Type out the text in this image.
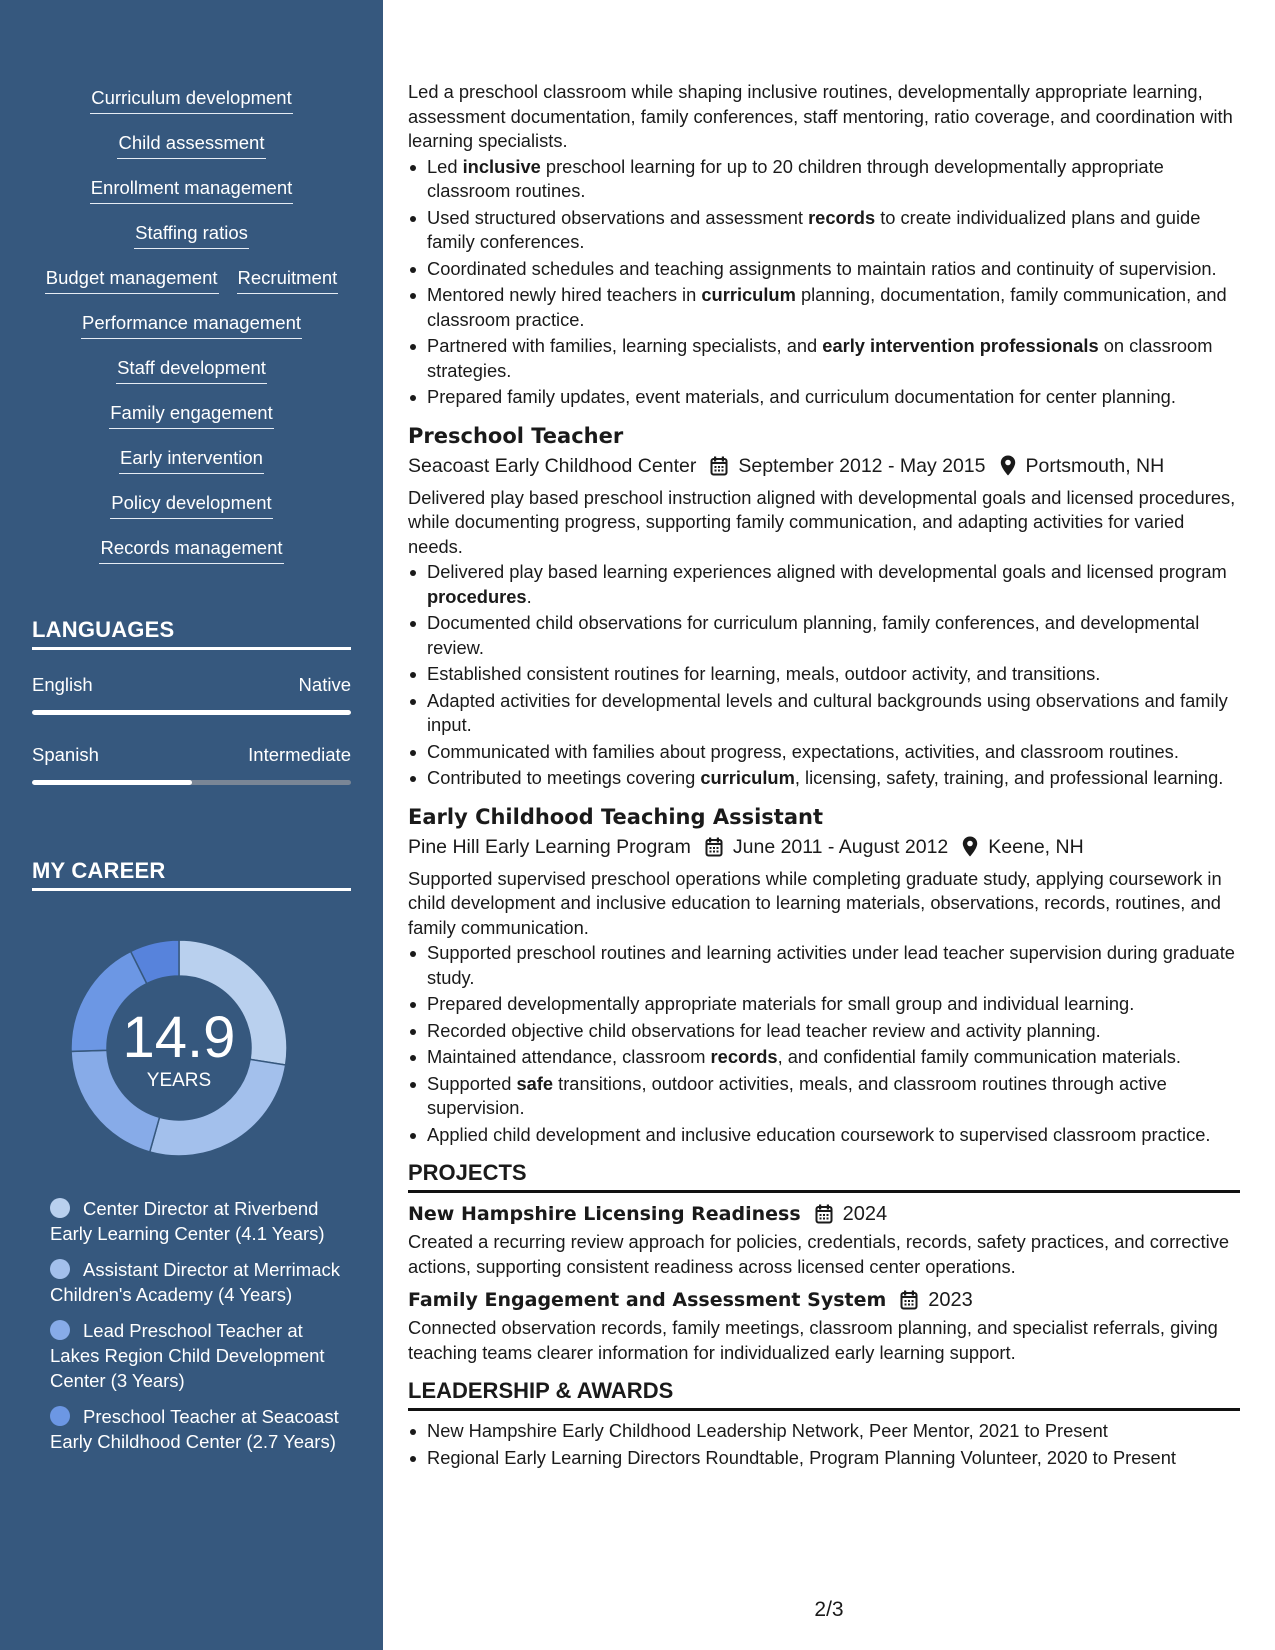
Curriculum development
Child assessment
Enrollment management
Staffing ratios
Budget management Recruitment
Performance management
Staff development
Family engagement
Early intervention
Policy development
Records management
LANGUAGES
English	Native
Spanish	Intermediate
MY CAREER
14.9
YEARS
Center Director at Riverbend Early Learning Center (4.1 Years)
Assistant Director at Merrimack Children's Academy (4 Years)
Lead Preschool Teacher at Lakes Region Child Development Center (3 Years)
Preschool Teacher at Seacoast Early Childhood Center (2.7 Years)

Led a preschool classroom while shaping inclusive routines, developmentally appropriate learning, assessment documentation, family conferences, staff mentoring, ratio coverage, and coordination with learning specialists.

Led inclusive preschool learning for up to 20 children through developmentally appropriate classroom routines.
Used structured observations and assessment records to create individualized plans and guide family conferences.
Coordinated schedules and teaching assignments to maintain ratios and continuity of supervision.
Mentored newly hired teachers in curriculum planning, documentation, family communication, and classroom practice.
Partnered with families, learning specialists, and early intervention professionals on classroom strategies.
Prepared family updates, event materials, and curriculum documentation for center planning.
Preschool Teacher
Seacoast Early Childhood Center September 2012 - May 2015 Portsmouth, NH

Delivered play based preschool instruction aligned with developmental goals and licensed procedures, while documenting progress, supporting family communication, and adapting activities for varied needs.

Delivered play based learning experiences aligned with developmental goals and licensed program procedures.
Documented child observations for curriculum planning, family conferences, and developmental review.
Established consistent routines for learning, meals, outdoor activity, and transitions.
Adapted activities for developmental levels and cultural backgrounds using observations and family input.
Communicated with families about progress, expectations, activities, and classroom routines.
Contributed to meetings covering curriculum, licensing, safety, training, and professional learning.
Early Childhood Teaching Assistant
Pine Hill Early Learning Program June 2011 - August 2012 Keene, NH

Supported supervised preschool operations while completing graduate study, applying coursework in child development and inclusive education to learning materials, observations, records, routines, and family communication.

Supported preschool routines and learning activities under lead teacher supervision during graduate study.
Prepared developmentally appropriate materials for small group and individual learning.
Recorded objective child observations for lead teacher review and activity planning.
Maintained attendance, classroom records, and confidential family communication materials.
Supported safe transitions, outdoor activities, meals, and classroom routines through active supervision.
Applied child development and inclusive education coursework to supervised classroom practice.
PROJECTS
New Hampshire Licensing Readiness 2024

Created a recurring review approach for policies, credentials, records, safety practices, and corrective actions, supporting consistent readiness across licensed center operations.

Family Engagement and Assessment System 2023

Connected observation records, family meetings, classroom planning, and specialist referrals, giving teaching teams clearer information for individualized early learning support.

LEADERSHIP & AWARDS
New Hampshire Early Childhood Leadership Network, Peer Mentor, 2021 to Present
Regional Early Learning Directors Roundtable, Program Planning Volunteer, 2020 to Present
2/3
